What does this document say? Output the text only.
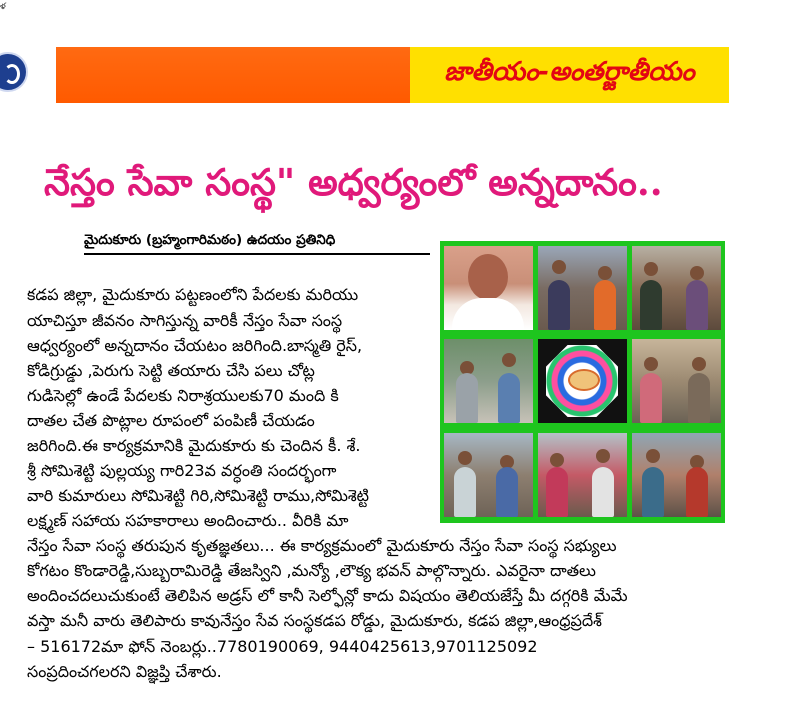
ళ
జాతీయం-అంతర్జాతీయం
నేస్తం సేవా సంస్థ" అధ్వర్యంలో అన్నదానం..
మైదుకూరు (బ్రహ్మంగారిమఠం) ఉదయం ప్రతినిధి
కడప జిల్లా, మైదుకూరు పట్టణంలోని పేదలకు మరియు
యాచిస్తూ జీవనం సాగిస్తున్న వారికీ నేస్తం సేవా సంస్థ
ఆధ్వర్యంలో అన్నదానం చేయటం జరిగింది.బాస్మతి రైస్,
కోడిగ్రుడ్డు ,పెరుగు సెట్టి తయారు చేసి పలు చోట్ల
గుడిసెల్లో ఉండే పేదలకు నిరాశ్రయులకు70 మంది కి
దాతల చేత పొట్లాల రూపంలో పంపిణీ చేయడం
జరిగింది.ఈ కార్యక్రమానికి మైదుకూరు కు చెందిన కీ. శే.
శ్రీ సోమిశెట్టి పుల్లయ్య గారి23వ వర్ధంతి సందర్భంగా
వారి కుమారులు సోమిశెట్టి గిరి,సోమిశెట్టి రాము,సోమిశెట్టి
లక్ష్మణ్ సహాయ సహకారాలు అందించారు.. వీరికి మా
నేస్తం సేవా సంస్థ తరుపున కృతజ్ఞతలు... ఈ కార్యక్రమంలో మైదుకూరు నేస్తం సేవా సంస్థ సభ్యులు
కోగటం కొండారెడ్డి,సుబ్బరామిరెడ్డి తేజస్విని ,మన్యో ,లౌక్య భవన్ పాల్గొన్నారు. ఎవరైనా దాతలు
అందించదలుచుకుంటే తెలిపిన అడ్రస్ లో కానీ సెల్ఫోన్లో కాదు విషయం తెలియజేస్తే మీ దగ్గరికి మేమే
వస్తా మనీ వారు తెలిపారు కావునేస్తం సేవ సంస్థకడప రోడ్డు, మైదుకూరు, కడప జిల్లా,ఆంధ్రప్రదేశ్
– 516172మా ఫోన్ నెంబర్లు..7780190069, 9440425613,9701125092
సంప్రదించగలరని విజ్ఞప్తి చేశారు.
